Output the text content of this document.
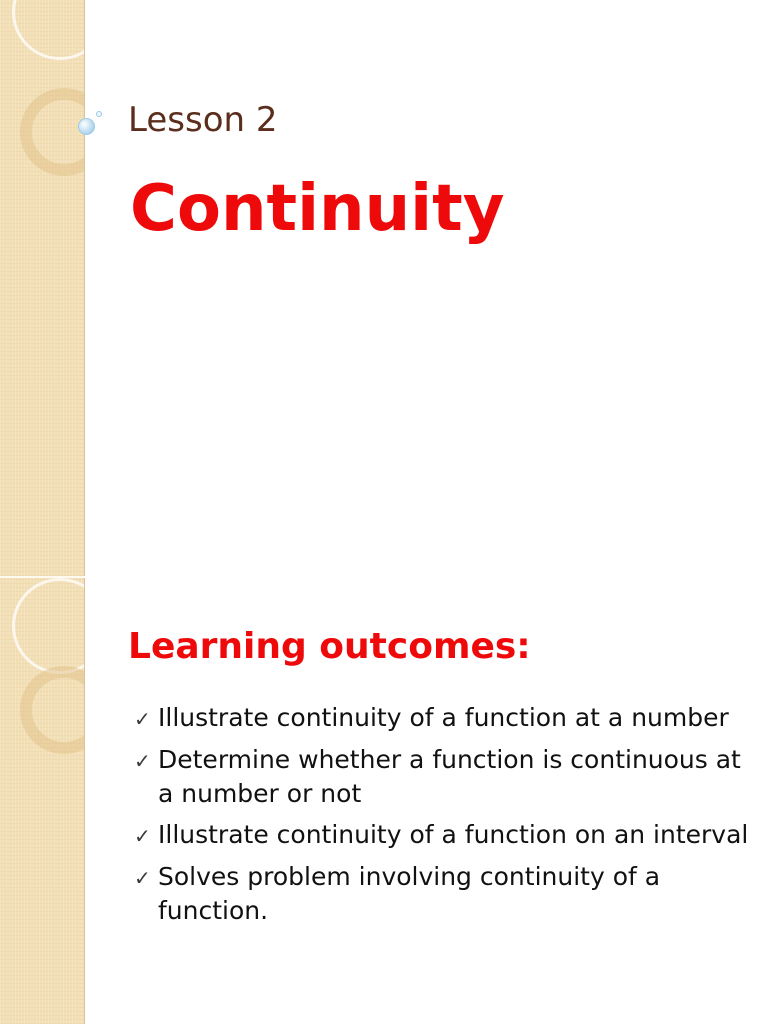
Lesson 2
Continuity
Learning outcomes:
✓ Illustrate continuity of a function at a number
✓ Determine whether a function is continuous at a number or not
✓ Illustrate continuity of a function on an interval
✓ Solves problem involving continuity of a function.
